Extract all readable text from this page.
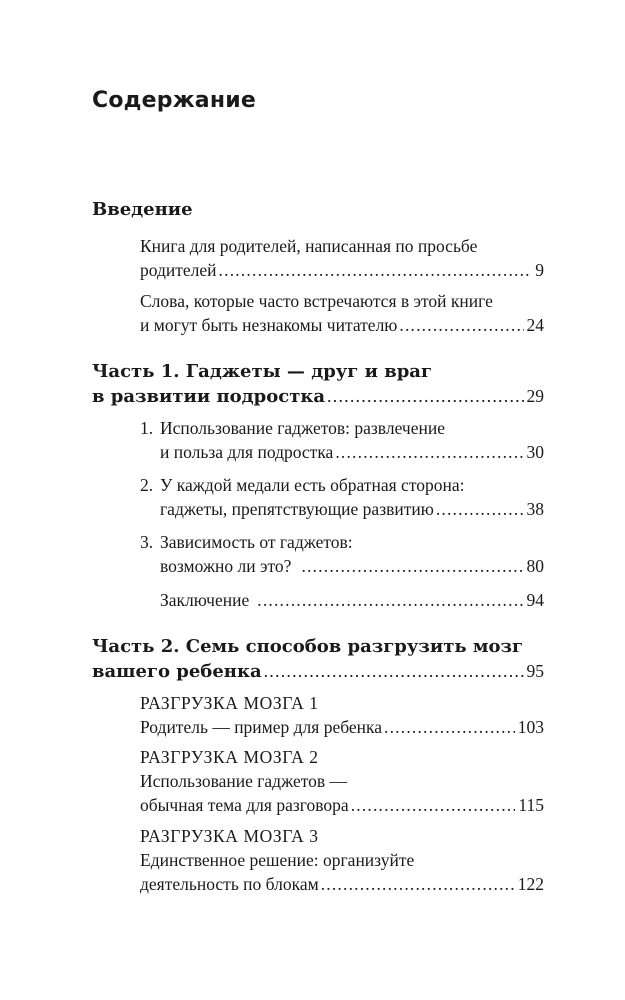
Содержание
Введение
Книга для родителей, написанная по просьбе
родителей .....	9
Слова, которые часто встречаются в этой книге
и могут быть незнакомы читателю .....	24
Часть 1. Гаджеты — друг и враг
в развитии подростка .....	29
1. Использование гаджетов: развлечение
и польза для подростка .....	30
2. У каждой медали есть обратная сторона:
гаджеты, препятствующие развитию .....	38
3. Зависимость от гаджетов:
возможно ли это? .....	80
Заключение .....	94
Часть 2. Семь способов разгрузить мозг
вашего ребенка .....	95
РАЗГРУЗКА МОЗГА 1
Родитель — пример для ребенка .....	103
РАЗГРУЗКА МОЗГА 2
Использование гаджетов —
обычная тема для разговора .....	115
РАЗГРУЗКА МОЗГА 3
Единственное решение: организуйте
деятельность по блокам .....	122
